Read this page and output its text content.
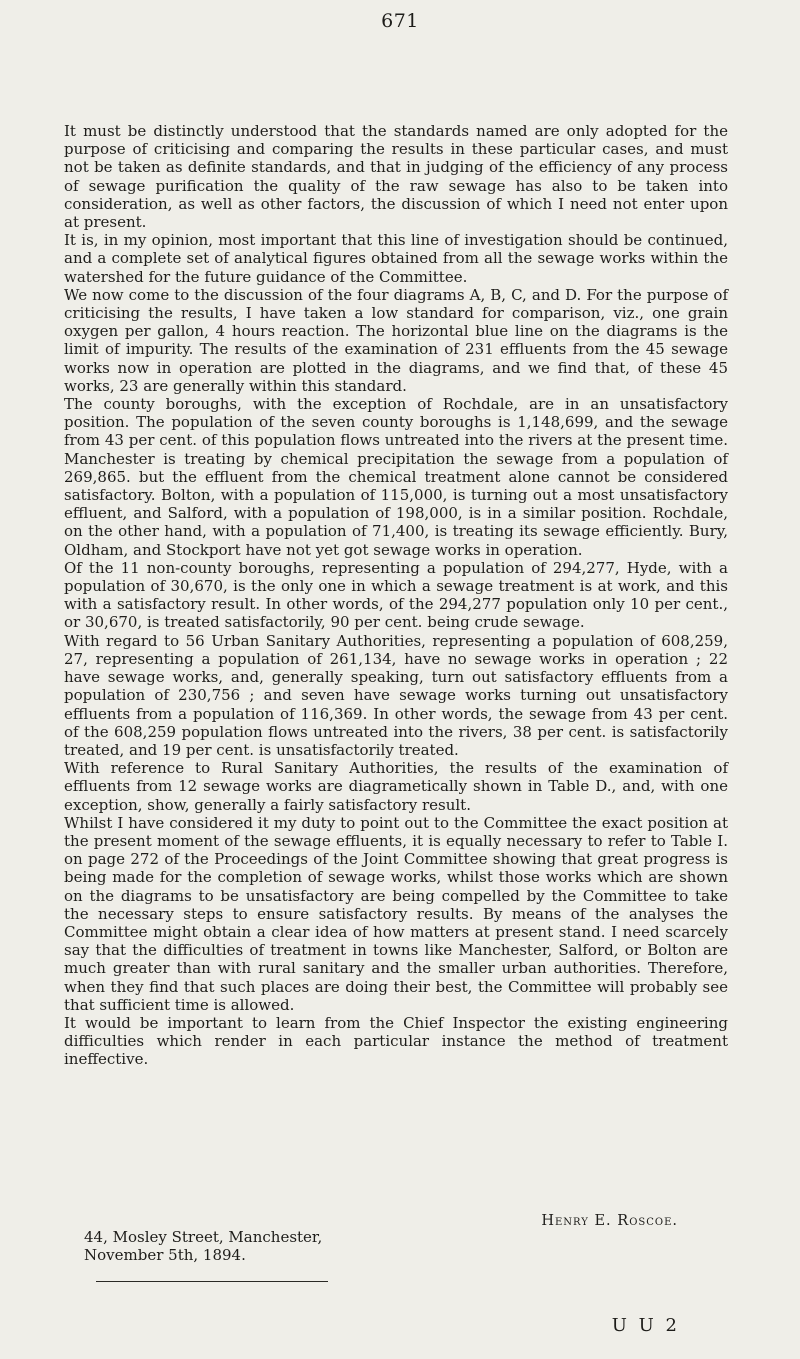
671

It must be distinctly understood that the standards named are only adopted for the purpose of criticising and comparing the results in these particular cases, and must not be taken as definite standards, and that in judging of the efficiency of any process of sewage purification the quality of the raw sewage has also to be taken into consideration, as well as other factors, the discussion of which I need not enter upon at present.

It is, in my opinion, most important that this line of investigation should be continued, and a complete set of analytical figures obtained from all the sewage works within the watershed for the future guidance of the Committee.

We now come to the discussion of the four diagrams A, B, C, and D. For the purpose of criticising the results, I have taken a low standard for comparison, viz., one grain oxygen per gallon, 4 hours reaction. The horizontal blue line on the diagrams is the limit of impurity. The results of the examination of 231 effluents from the 45 sewage works now in operation are plotted in the diagrams, and we find that, of these 45 works, 23 are generally within this standard.

The county boroughs, with the exception of Rochdale, are in an unsatisfactory position. The population of the seven county boroughs is 1,148,699, and the sewage from 43 per cent. of this population flows untreated into the rivers at the present time. Manchester is treating by chemical precipitation the sewage from a population of 269,865. but the effluent from the chemical treatment alone cannot be considered satisfactory. Bolton, with a population of 115,000, is turning out a most unsatisfactory effluent, and Salford, with a population of 198,000, is in a similar position. Rochdale, on the other hand, with a population of 71,400, is treating its sewage efficiently. Bury, Oldham, and Stockport have not yet got sewage works in operation.

Of the 11 non-county boroughs, representing a population of 294,277, Hyde, with a population of 30,670, is the only one in which a sewage treatment is at work, and this with a satisfactory result. In other words, of the 294,277 population only 10 per cent., or 30,670, is treated satisfactorily, 90 per cent. being crude sewage.

With regard to 56 Urban Sanitary Authorities, representing a population of 608,259, 27, representing a population of 261,134, have no sewage works in operation ; 22 have sewage works, and, generally speaking, turn out satisfactory effluents from a population of 230,756 ; and seven have sewage works turning out unsatisfactory effluents from a population of 116,369. In other words, the sewage from 43 per cent. of the 608,259 population flows untreated into the rivers, 38 per cent. is satisfactorily treated, and 19 per cent. is unsatisfactorily treated.

With reference to Rural Sanitary Authorities, the results of the examination of effluents from 12 sewage works are diagrametically shown in Table D., and, with one exception, show, generally a fairly satisfactory result.

Whilst I have considered it my duty to point out to the Committee the exact position at the present moment of the sewage effluents, it is equally necessary to refer to Table I. on page 272 of the Proceedings of the Joint Committee showing that great progress is being made for the completion of sewage works, whilst those works which are shown on the diagrams to be unsatisfactory are being compelled by the Committee to take the necessary steps to ensure satisfactory results. By means of the analyses the Committee might obtain a clear idea of how matters at present stand. I need scarcely say that the difficulties of treatment in towns like Manchester, Salford, or Bolton are much greater than with rural sanitary and the smaller urban authorities. Therefore, when they find that such places are doing their best, the Committee will probably see that sufficient time is allowed.

It would be important to learn from the Chief Inspector the existing engineering difficulties which render in each particular instance the method of treatment ineffective.

Henry E. Roscoe.
44, Mosley Street, Manchester,
November 5th, 1894.
U U 2
